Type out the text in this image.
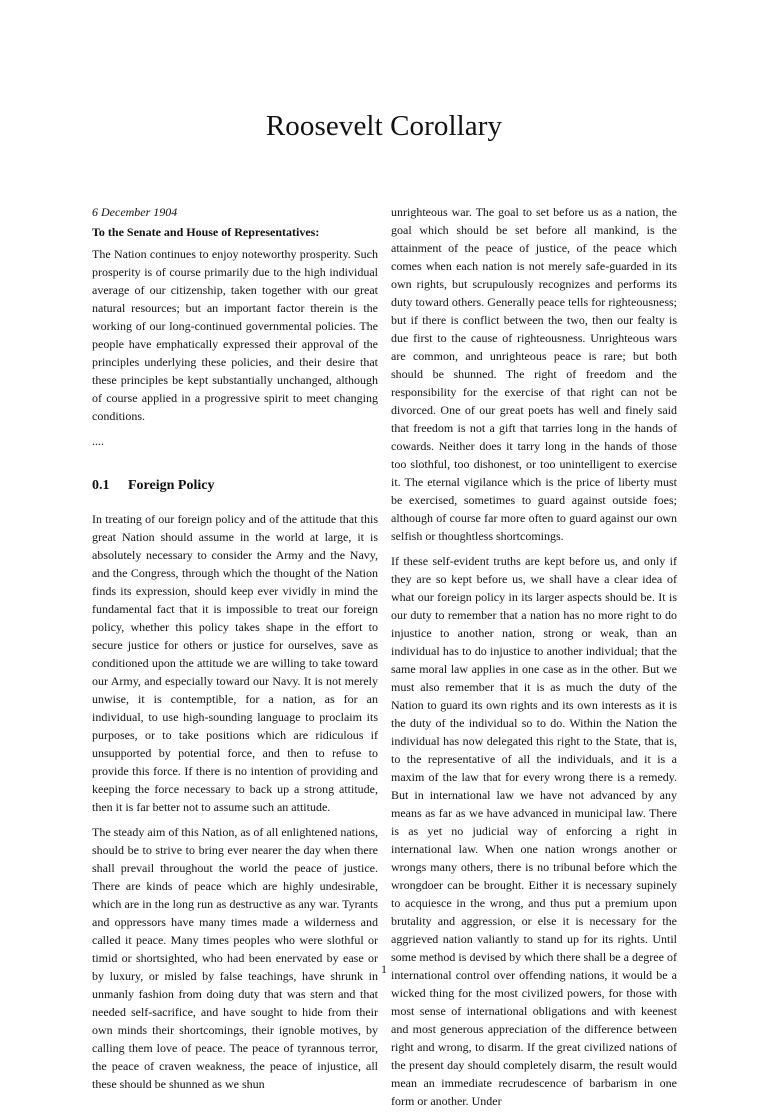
Roosevelt Corollary

6 December 1904

To the Senate and House of Representatives:

The Nation continues to enjoy noteworthy prosperity. Such prosperity is of course primarily due to the high individual average of our citizenship, taken together with our great natural resources; but an important factor therein is the working of our long-continued governmental policies. The people have emphatically expressed their approval of the principles underlying these policies, and their desire that these principles be kept substantially unchanged, although of course applied in a progressive spirit to meet changing conditions.

....

0.1 Foreign Policy

In treating of our foreign policy and of the attitude that this great Nation should assume in the world at large, it is absolutely necessary to consider the Army and the Navy, and the Congress, through which the thought of the Nation finds its expression, should keep ever vividly in mind the fundamental fact that it is impossible to treat our foreign policy, whether this policy takes shape in the effort to secure justice for others or justice for ourselves, save as conditioned upon the attitude we are willing to take toward our Army, and especially toward our Navy. It is not merely unwise, it is contemptible, for a nation, as for an individual, to use high-sounding language to proclaim its purposes, or to take positions which are ridiculous if unsupported by potential force, and then to refuse to provide this force. If there is no intention of providing and keeping the force necessary to back up a strong attitude, then it is far better not to assume such an attitude.

The steady aim of this Nation, as of all enlightened nations, should be to strive to bring ever nearer the day when there shall prevail throughout the world the peace of justice. There are kinds of peace which are highly undesirable, which are in the long run as destructive as any war. Tyrants and oppressors have many times made a wilderness and called it peace. Many times peoples who were slothful or timid or shortsighted, who had been enervated by ease or by luxury, or misled by false teachings, have shrunk in unmanly fashion from doing duty that was stern and that needed self-sacrifice, and have sought to hide from their own minds their shortcomings, their ignoble motives, by calling them love of peace. The peace of tyrannous terror, the peace of craven weakness, the peace of injustice, all these should be shunned as we shun

unrighteous war. The goal to set before us as a nation, the goal which should be set before all mankind, is the attainment of the peace of justice, of the peace which comes when each nation is not merely safe-guarded in its own rights, but scrupulously recognizes and performs its duty toward others. Generally peace tells for righteousness; but if there is conflict between the two, then our fealty is due first to the cause of righteousness. Unrighteous wars are common, and unrighteous peace is rare; but both should be shunned. The right of freedom and the responsibility for the exercise of that right can not be divorced. One of our great poets has well and finely said that freedom is not a gift that tarries long in the hands of cowards. Neither does it tarry long in the hands of those too slothful, too dishonest, or too unintelligent to exercise it. The eternal vigilance which is the price of liberty must be exercised, sometimes to guard against outside foes; although of course far more often to guard against our own selfish or thoughtless shortcomings.

If these self-evident truths are kept before us, and only if they are so kept before us, we shall have a clear idea of what our foreign policy in its larger aspects should be. It is our duty to remember that a nation has no more right to do injustice to another nation, strong or weak, than an individual has to do injustice to another individual; that the same moral law applies in one case as in the other. But we must also remember that it is as much the duty of the Nation to guard its own rights and its own interests as it is the duty of the individual so to do. Within the Nation the individual has now delegated this right to the State, that is, to the representative of all the individuals, and it is a maxim of the law that for every wrong there is a remedy. But in international law we have not advanced by any means as far as we have advanced in municipal law. There is as yet no judicial way of enforcing a right in international law. When one nation wrongs another or wrongs many others, there is no tribunal before which the wrongdoer can be brought. Either it is necessary supinely to acquiesce in the wrong, and thus put a premium upon brutality and aggression, or else it is necessary for the aggrieved nation valiantly to stand up for its rights. Until some method is devised by which there shall be a degree of international control over offending nations, it would be a wicked thing for the most civilized powers, for those with most sense of international obligations and with keenest and most generous appreciation of the difference between right and wrong, to disarm. If the great civilized nations of the present day should completely disarm, the result would mean an immediate recrudescence of barbarism in one form or another. Under

1
